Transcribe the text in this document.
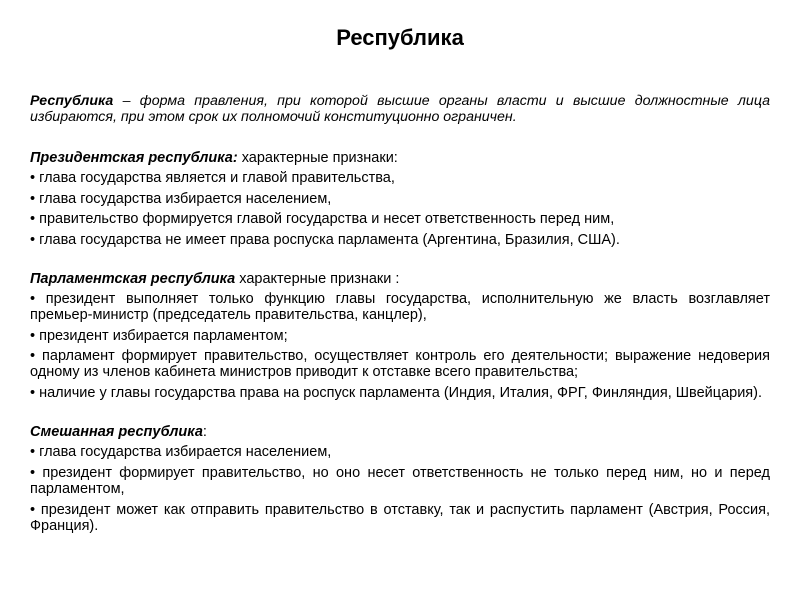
Республика

Республика – форма правления, при которой высшие органы власти и высшие должностные лица избираются, при этом срок их полномочий конституционно ограничен.

Президентская республика: характерные признаки:
• глава государства является и главой правительства,
• глава государства избирается населением,
• правительство формируется главой государства и несет ответственность перед ним,
• глава государства не имеет права роспуска парламента (Аргентина, Бразилия, США).
Парламентская республика характерные признаки :
• президент выполняет только функцию главы государства, исполнительную же власть возглавляет премьер-министр (председатель правительства, канцлер),
• президент избирается парламентом;
• парламент формирует правительство, осуществляет контроль его деятельности; выражение недоверия одному из членов кабинета министров приводит к отставке всего правительства;
• наличие у главы государства права на роспуск парламента (Индия, Италия, ФРГ, Финляндия, Швейцария).
Смешанная республика:
• глава государства избирается населением,
• президент формирует правительство, но оно несет ответственность не только перед ним, но и перед парламентом,
• президент может как отправить правительство в отставку, так и распустить парламент (Австрия, Россия, Франция).
